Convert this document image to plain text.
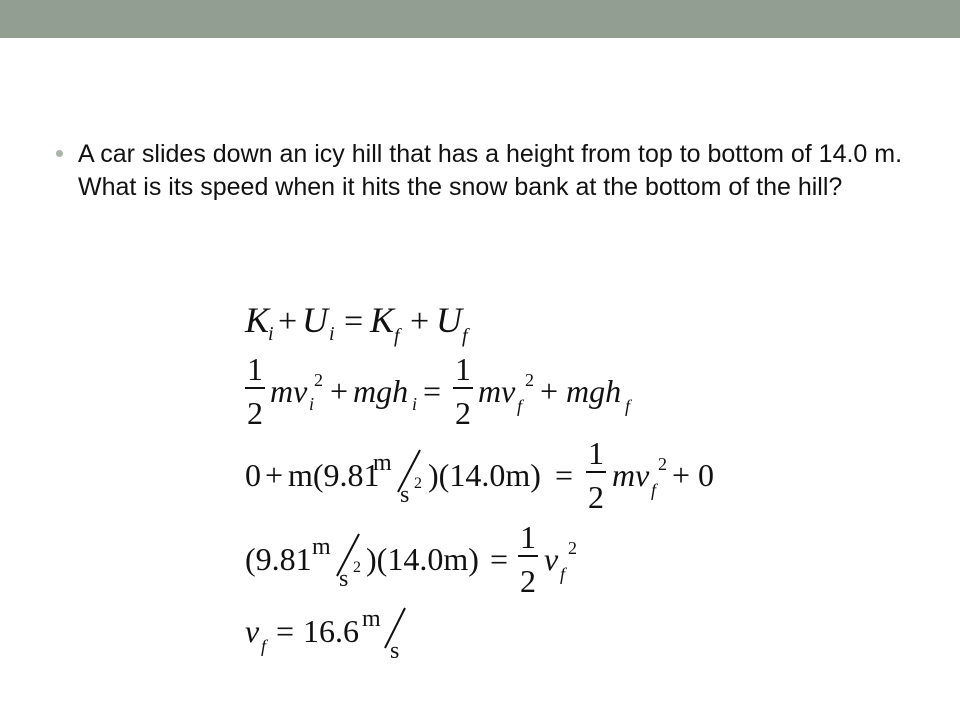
A car slides down an icy hill that has a height from top to bottom of 14.0 m. What is its speed when it hits the snow bank at the bottom of the hill?
K
i + U i = K f + U f
1
2
mv i
2 + mgh i =
1
2
mv f
2 + mgh f
0 + m(9.81
m
s 2 )(14.0m) =
1
2
mv f
2 + 0
(9.81 m
s 2 )(14.0m) =
1
2
v f
2
v f = 16.6 m
s
